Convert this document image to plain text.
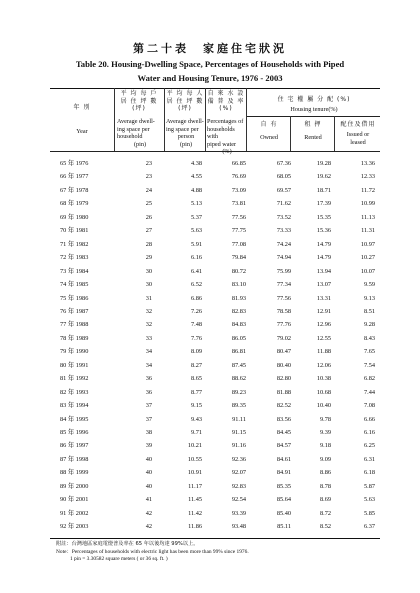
第二十表　家庭住宅狀況
Table 20. Housing-Dwelling Space, Percentages of Households with Piped
Water and Housing Tenure, 1976 - 2003
年 別
Year
平 均 每 戶
居 住 坪 數
(坪)
Average dwell-
ing space per
household
(pin)
平 均 每 人
居 住 坪 數
(坪)
Average dwell-
ing space per
person
(pin)
自 來 水 設
備 普 及 率
(%)
Percentages of
households with
piped water
(%)
住 宅 權 屬 分 配 (%)
Housing tenure(%)
自 有
Owned
租 押
Rented
配住及借用
Issued or
leased
65 年 1976	23	4.38	66.85	67.36	19.28	13.36
66 年 1977	23	4.55	76.69	68.05	19.62	12.33
67 年 1978	24	4.88	73.09	69.57	18.71	11.72
68 年 1979	25	5.13	73.81	71.62	17.39	10.99
69 年 1980	26	5.37	77.56	73.52	15.35	11.13
70 年 1981	27	5.63	77.75	73.33	15.36	11.31
71 年 1982	28	5.91	77.08	74.24	14.79	10.97
72 年 1983	29	6.16	79.84	74.94	14.79	10.27
73 年 1984	30	6.41	80.72	75.99	13.94	10.07
74 年 1985	30	6.52	83.10	77.34	13.07	9.59
75 年 1986	31	6.86	81.93	77.56	13.31	9.13
76 年 1987	32	7.26	82.83	78.58	12.91	8.51
77 年 1988	32	7.48	84.83	77.76	12.96	9.28
78 年 1989	33	7.76	86.05	79.02	12.55	8.43
79 年 1990	34	8.09	86.81	80.47	11.88	7.65
80 年 1991	34	8.27	87.45	80.40	12.06	7.54
81 年 1992	36	8.65	88.62	82.80	10.38	6.82
82 年 1993	36	8.77	89.23	81.88	10.68	7.44
83 年 1994	37	9.15	89.35	82.52	10.40	7.08
84 年 1995	37	9.43	91.11	83.56	9.78	6.66
85 年 1996	38	9.71	91.15	84.45	9.39	6.16
86 年 1997	39	10.21	91.16	84.57	9.18	6.25
87 年 1998	40	10.55	92.36	84.61	9.09	6.31
88 年 1999	40	10.91	92.07	84.91	8.86	6.18
89 年 2000	40	11.17	92.83	85.35	8.78	5.87
90 年 2001	41	11.45	92.54	85.64	8.69	5.63
91 年 2002	42	11.42	93.39	85.40	8.72	5.85
92 年 2003	42	11.86	93.48	85.11	8.52	6.37
附註：台灣地區家庭電燈普及率在 65 年以後均達 99%以上。
Note：Percentages of households with electric light has been more than 99% since 1976.
1 pin = 3.30582 square meters ( or 36 sq. ft. )
